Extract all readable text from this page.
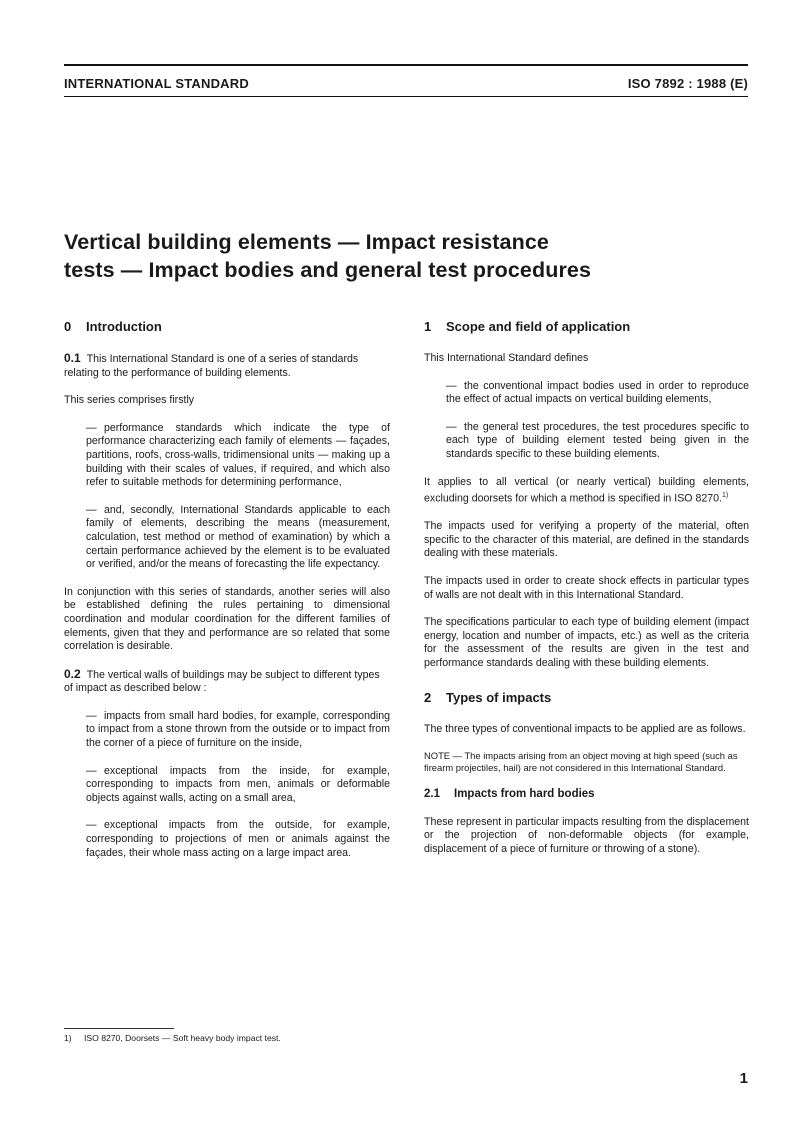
INTERNATIONAL STANDARD	ISO 7892 : 1988 (E)
Vertical building elements — Impact resistance
tests — Impact bodies and general test procedures
0 Introduction

0.1 This International Standard is one of a series of standards relating to the performance of building elements.

This series comprises firstly

— performance standards which indicate the type of performance characterizing each family of elements — façades, partitions, roofs, cross-walls, tridimensional units — making up a building with their scales of values, if required, and which also refer to suitable methods for determining performance,
— and, secondly, International Standards applicable to each family of elements, describing the means (measurement, calculation, test method or method of examination) by which a certain performance achieved by the element is to be evaluated or verified, and/or the means of forecasting the life expectancy.

In conjunction with this series of standards, another series will also be established defining the rules pertaining to dimensional coordination and modular coordination for the different families of elements, given that they and performance are so related that some correlation is desirable.

0.2 The vertical walls of buildings may be subject to different types of impact as described below :

— impacts from small hard bodies, for example, corresponding to impact from a stone thrown from the outside or to impact from the corner of a piece of furniture on the inside,
— exceptional impacts from the inside, for example, corresponding to impacts from men, animals or deformable objects against walls, acting on a small area,
— exceptional impacts from the outside, for example, corresponding to projections of men or animals against the façades, their whole mass acting on a large impact area.
1 Scope and field of application

This International Standard defines

— the conventional impact bodies used in order to reproduce the effect of actual impacts on vertical building elements,
— the general test procedures, the test procedures specific to each type of building element tested being given in the standards specific to these building elements.

It applies to all vertical (or nearly vertical) building elements, excluding doorsets for which a method is specified in ISO 8270.$^{1)}$

The impacts used for verifying a property of the material, often specific to the character of this material, are defined in the standards dealing with these materials.

The impacts used in order to create shock effects in particular types of walls are not dealt with in this International Standard.

The specifications particular to each type of building element (impact energy, location and number of impacts, etc.) as well as the criteria for the assessment of the results are given in the test and performance standards dealing with these building elements.

2 Types of impacts

The three types of conventional impacts to be applied are as follows.

NOTE — The impacts arising from an object moving at high speed (such as firearm projectiles, hail) are not considered in this International Standard.

2.1 Impacts from hard bodies

These represent in particular impacts resulting from the displacement or the projection of non-deformable objects (for example, displacement of a piece of furniture or throwing of a stone).

1) ISO 8270, Doorsets — Soft heavy body impact test.
1
